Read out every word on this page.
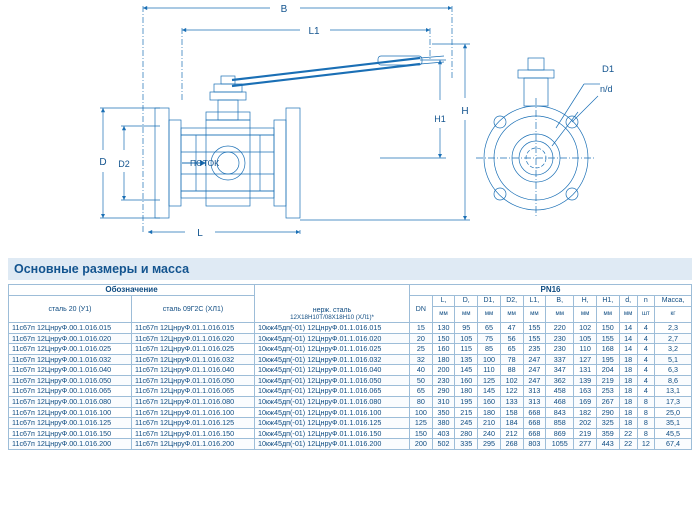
B
L1
H
H1
D D2
L
ПОТОК
D1
n/d
Основные размеры и масса
Обозначение			PN16											
сталь 20 (У1)	сталь 09Г2С (ХЛ1)		DN	L,	D,	D1,	D2,	L1,	B,	H,	H1,	d,	n	Масса,

		нерж. сталь
12Х18Н10Т/08Х18Н10 (ХЛ1)*		мм	мм	мм	мм	мм	мм	мм	мм	мм	шт	кг
11с67п 12ЦнруФ.00.1.016.015	11с67п 12ЦнруФ.01.1.016.015	10кж45дп(-01) 12ЦнруФ.01.1.016.015	15	130	95	65	47	155	220	102	150	14	4	2,3
11с67п 12ЦнруФ.00.1.016.020	11с67п 12ЦнруФ.01.1.016.020	10кж45дп(-01) 12ЦнруФ.01.1.016.020	20	150	105	75	56	155	230	105	155	14	4	2,7
11с67п 12ЦнруФ.00.1.016.025	11с67п 12ЦнруФ.01.1.016.025	10кж45дп(-01) 12ЦнруФ.01.1.016.025	25	160	115	85	65	235	230	110	168	14	4	3,2
11с67п 12ЦнруФ.00.1.016.032	11с67п 12ЦнруФ.01.1.016.032	10кж45дп(-01) 12ЦнруФ.01.1.016.032	32	180	135	100	78	247	337	127	195	18	4	5,1
11с67п 12ЦнруФ.00.1.016.040	11с67п 12ЦнруФ.01.1.016.040	10кж45дп(-01) 12ЦнруФ.01.1.016.040	40	200	145	110	88	247	347	131	204	18	4	6,3
11с67п 12ЦнруФ.00.1.016.050	11с67п 12ЦнруФ.01.1.016.050	10кж45дп(-01) 12ЦнруФ.01.1.016.050	50	230	160	125	102	247	362	139	219	18	4	8,6
11с67п 12ЦнруФ.00.1.016.065	11с67п 12ЦнруФ.01.1.016.065	10кж45дп(-01) 12ЦнруФ.01.1.016.065	65	290	180	145	122	313	458	163	253	18	4	13,1
11с67п 12ЦнруФ.00.1.016.080	11с67п 12ЦнруФ.01.1.016.080	10кж45дп(-01) 12ЦнруФ.01.1.016.080	80	310	195	160	133	313	468	169	267	18	8	17,3
11с67п 12ЦнруФ.00.1.016.100	11с67п 12ЦнруФ.01.1.016.100	10кж45дп(-01) 12ЦнруФ.01.1.016.100	100	350	215	180	158	668	843	182	290	18	8	25,0
11с67п 12ЦнруФ.00.1.016.125	11с67п 12ЦнруФ.01.1.016.125	10кж45дп(-01) 12ЦнруФ.01.1.016.125	125	380	245	210	184	668	858	202	325	18	8	35,1
11с67п 12ЦнруФ.00.1.016.150	11с67п 12ЦнруФ.01.1.016.150	10кж45дп(-01) 12ЦнруФ.01.1.016.150	150	403	280	240	212	668	869	219	359	22	8	45,5
11с67п 12ЦнруФ.00.1.016.200	11с67п 12ЦнруФ.01.1.016.200	10кж45дп(-01) 12ЦнруФ.01.1.016.200	200	502	335	295	268	803	1055	277	443	22	12	67,4
